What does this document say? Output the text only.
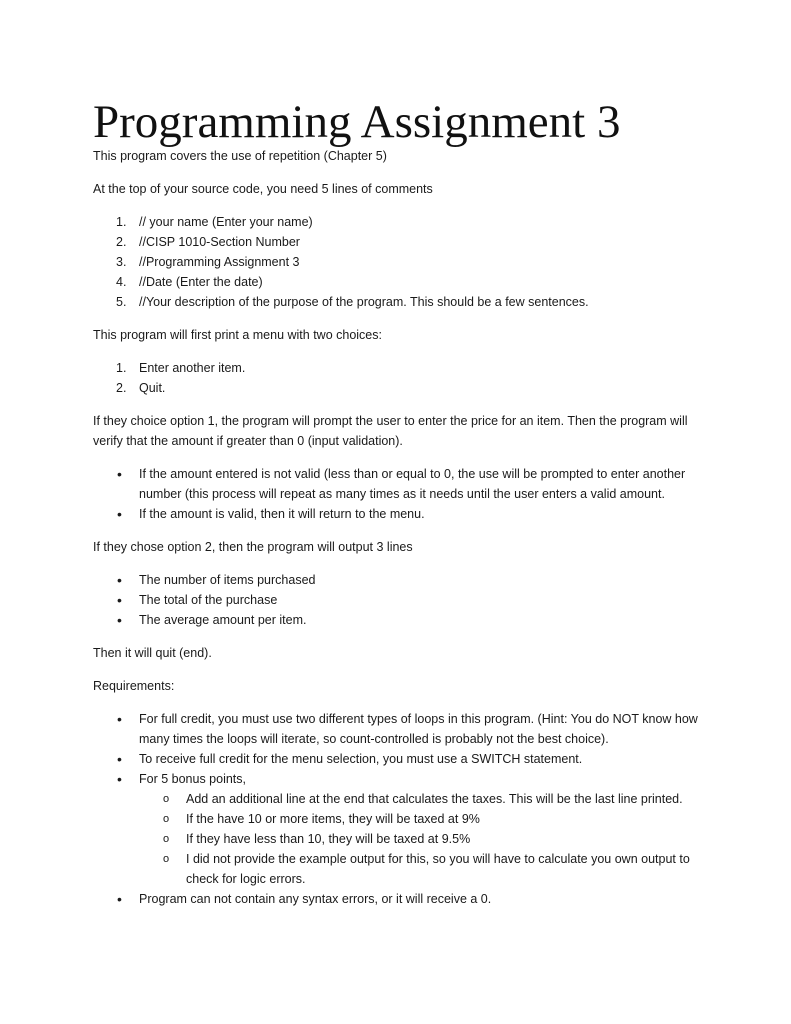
Programming Assignment 3

This program covers the use of repetition (Chapter 5)

At the top of your source code, you need 5 lines of comments

1.	// your name (Enter your name)
2.	//CISP 1010-Section Number
3.	//Programming Assignment 3
4.	//Date (Enter the date)
5.	//Your description of the purpose of the program. This should be a few sentences.

This program will first print a menu with two choices:

1.	Enter another item.
2.	Quit.

If they choice option 1, the program will prompt the user to enter the price for an item. Then the program will verify that the amount if greater than 0 (input validation).

• If the amount entered is not valid (less than or equal to 0, the use will be prompted to enter another number (this process will repeat as many times as it needs until the user enters a valid amount.
• If the amount is valid, then it will return to the menu.

If they chose option 2, then the program will output 3 lines

• The number of items purchased
• The total of the purchase
• The average amount per item.

Then it will quit (end).

Requirements:

• For full credit, you must use two different types of loops in this program. (Hint: You do NOT know how many times the loops will iterate, so count-controlled is probably not the best choice).
• To receive full credit for the menu selection, you must use a SWITCH statement.
• For 5 bonus points,
o Add an additional line at the end that calculates the taxes. This will be the last line printed.
o If the have 10 or more items, they will be taxed at 9%
o If they have less than 10, they will be taxed at 9.5%
o I did not provide the example output for this, so you will have to calculate you own output to check for logic errors.
• Program can not contain any syntax errors, or it will receive a 0.
